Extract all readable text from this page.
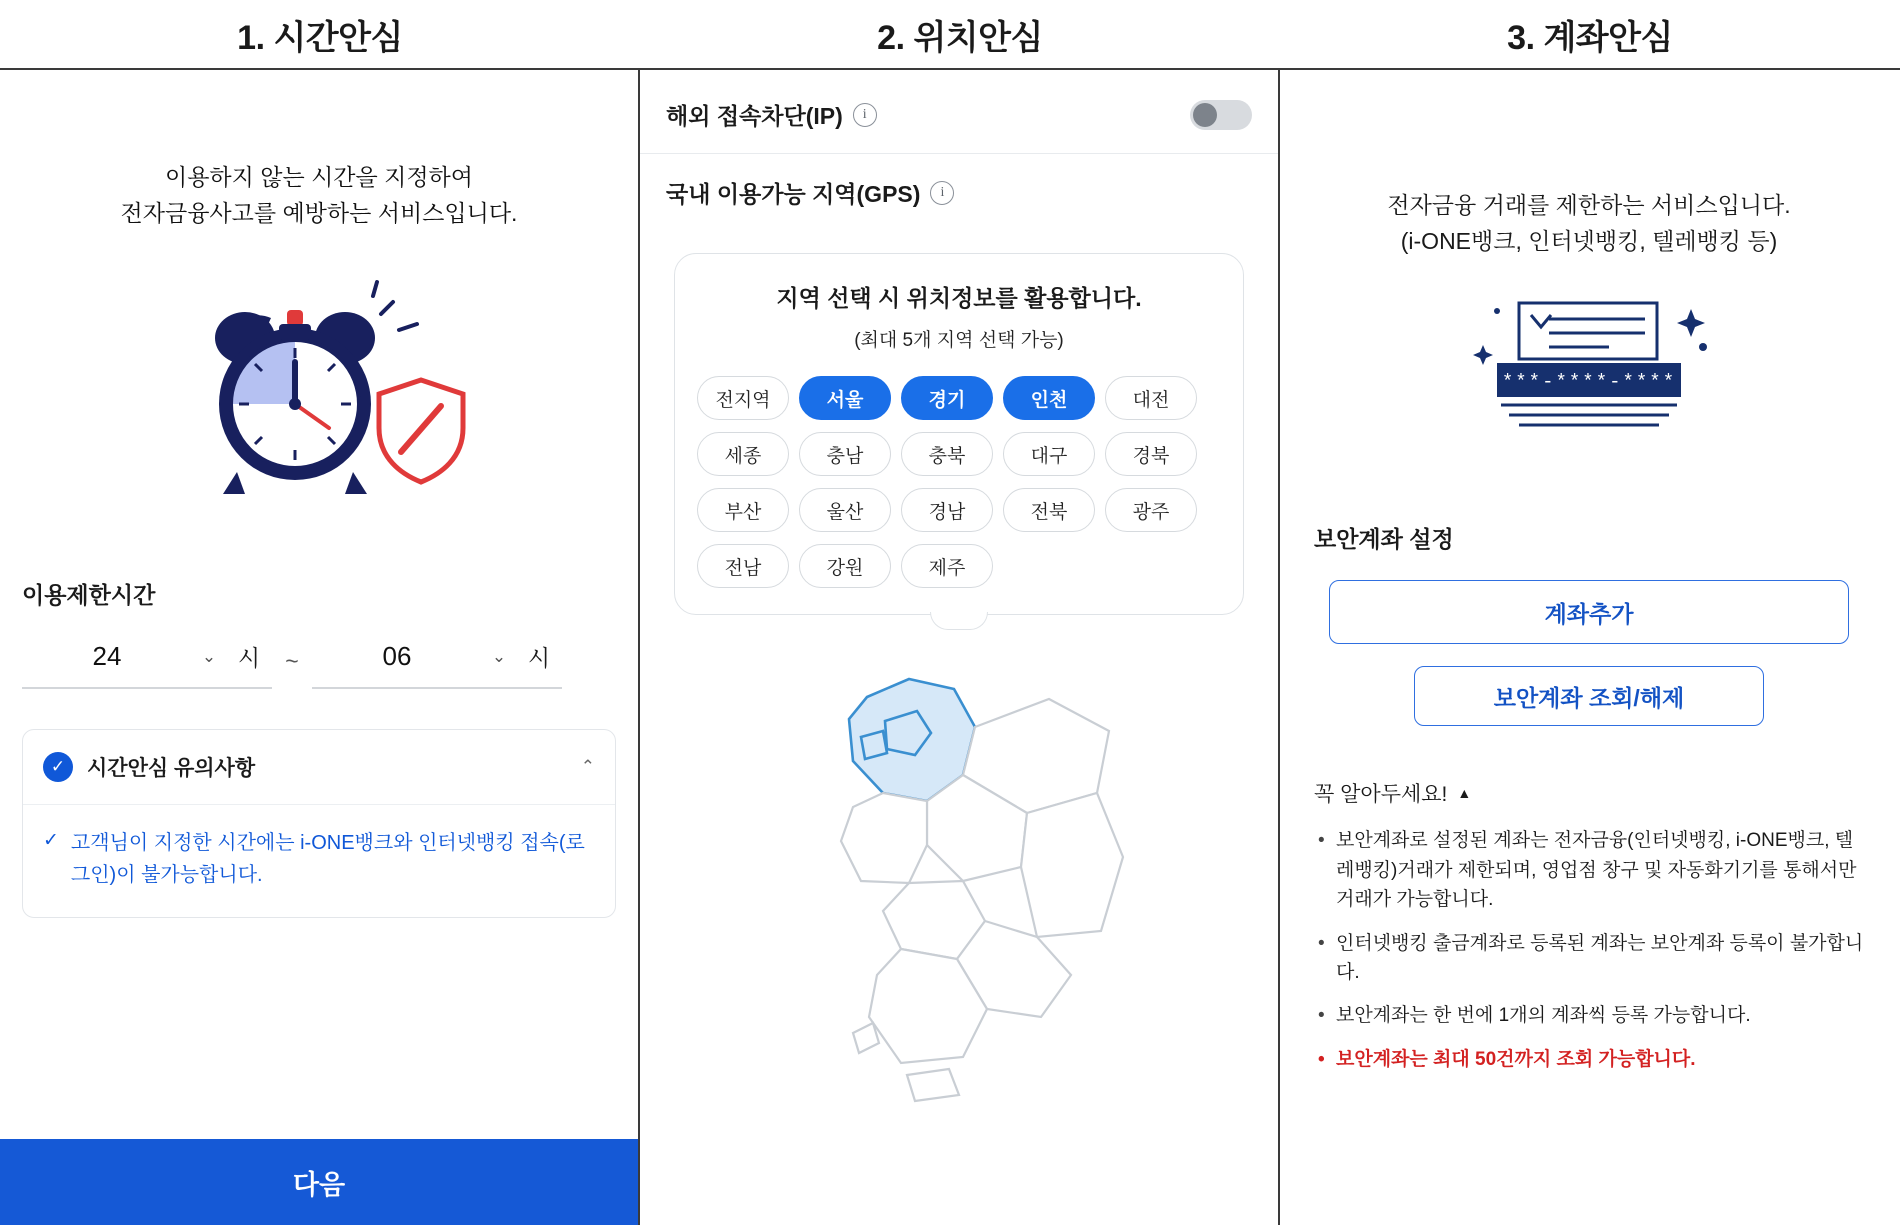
1. 시간안심	2. 위치안심	3. 계좌안심
이용하지 않는 시간을 지정하여
전자금융사고를 예방하는 서비스입니다.
이용제한시간
24	⌄ 시	~	06	⌄ 시
✓	시간안심 유의사항	⌃
✓ 고객님이 지정한 시간에는 i-ONE뱅크와 인터넷뱅킹 접속(로그인)이 불가능합니다.
다음
해외 접속차단(IP)	i
국내 이용가능 지역(GPS)	i
지역 선택 시 위치정보를 활용합니다.
(최대 5개 지역 선택 가능)
전지역	서울	경기	인천	대전
세종	충남	충북	대구	경북
부산	울산	경남	전북	광주
전남	강원	제주
전자금융 거래를 제한하는 서비스입니다.
(i-ONE뱅크, 인터넷뱅킹, 텔레뱅킹 등)
***-****-****
보안계좌 설정
계좌추가
보안계좌 조회/해제
꼭 알아두세요! ▲
• 보안계좌로 설정된 계좌는 전자금융(인터넷뱅킹, i-ONE뱅크, 텔레뱅킹)거래가 제한되며, 영업점 창구 및 자동화기기를 통해서만 거래가 가능합니다.
• 인터넷뱅킹 출금계좌로 등록된 계좌는 보안계좌 등록이 불가합니다.
• 보안계좌는 한 번에 1개의 계좌씩 등록 가능합니다.
• 보안계좌는 최대 50건까지 조회 가능합니다.
